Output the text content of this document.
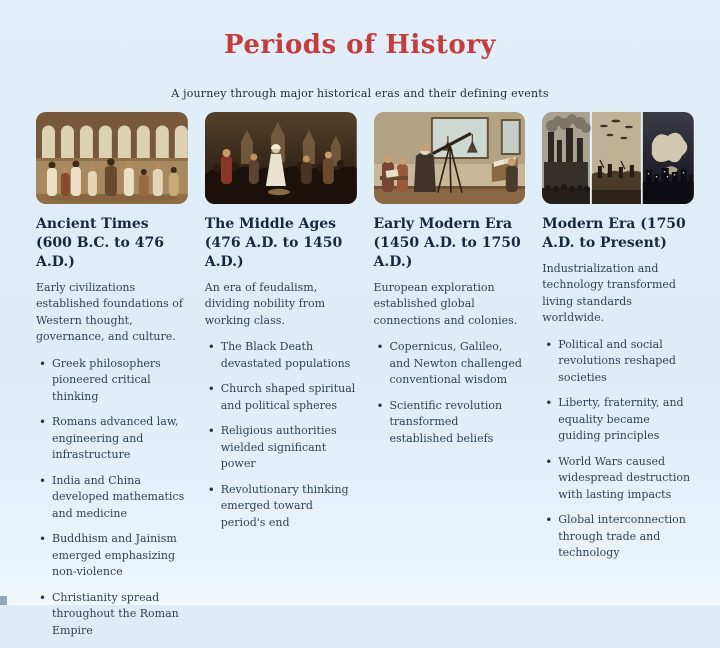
Periods of History

A journey through major historical eras and their defining events

Ancient Times (600 B.C. to 476 A.D.)

Early civilizations established foundations of Western thought, governance, and culture.

• Greek philosophers pioneered critical thinking
• Romans advanced law, engineering and infrastructure
• India and China developed mathematics and medicine
• Buddhism and Jainism emerged emphasizing non-violence
• Christianity spread throughout the Roman Empire
The Middle Ages (476 A.D. to 1450 A.D.)

An era of feudalism, dividing nobility from working class.

• The Black Death devastated populations
• Church shaped spiritual and political spheres
• Religious authorities wielded significant power
• Revolutionary thinking emerged toward period's end
Early Modern Era (1450 A.D. to 1750 A.D.)

European exploration established global connections and colonies.

• Copernicus, Galileo, and Newton challenged conventional wisdom
• Scientific revolution transformed established beliefs
Modern Era (1750 A.D. to Present)

Industrialization and technology transformed living standards worldwide.

• Political and social revolutions reshaped societies
• Liberty, fraternity, and equality became guiding principles
• World Wars caused widespread destruction with lasting impacts
• Global interconnection through trade and technology
